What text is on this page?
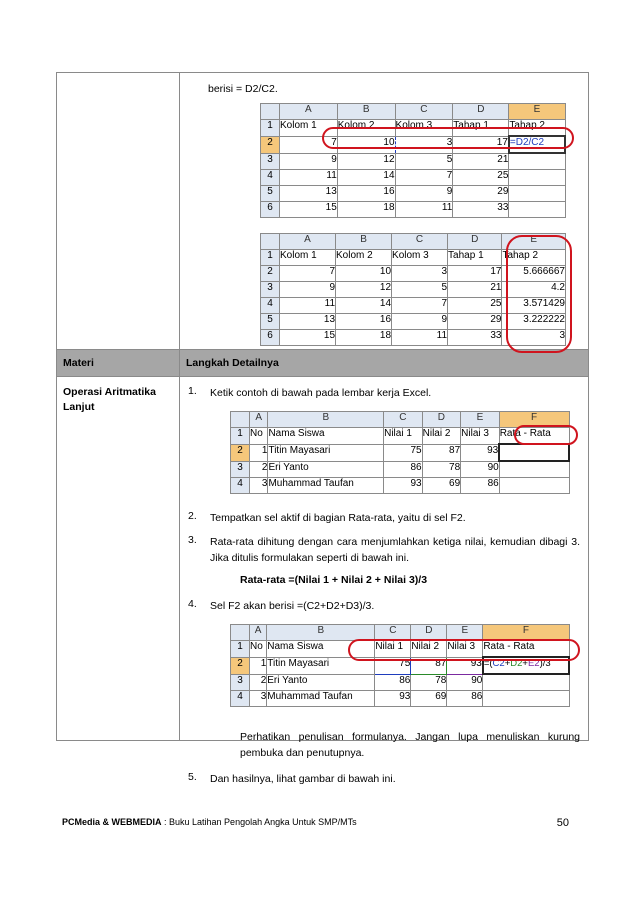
berisi = D2/C2.
	A	B	C	D	E
1	Kolom 1	Kolom 2	Kolom 3	Tahap 1	Tahap 2
2	7	10	3	17	=D2/C2
3	9	12	5	21	
4	11	14	7	25	
5	13	16	9	29	
6	15	18	11	33	
	A	B	C	D	E
1	Kolom 1	Kolom 2	Kolom 3	Tahap 1	Tahap 2
2	7	10	3	17	5.666667
3	9	12	5	21	4.2
4	11	14	7	25	3.571429
5	13	16	9	29	3.222222
6	15	18	11	33	3

Materi	Langkah Detailnya

Operasi Aritmatika Lanjut

1.	Ketik contoh di bawah pada lembar kerja Excel.
	A	B	C	D	E	F
1	No	Nama Siswa	Nilai 1	Nilai 2	Nilai 3	Rata - Rata
2	1	Titin Mayasari	75	87	93	
3	2	Eri Yanto	86	78	90	
4	3	Muhammad Taufan	93	69	86	
2.	Tempatkan sel aktif di bagian Rata-rata, yaitu di sel F2.
3.	Rata-rata dihitung dengan cara menjumlahkan ketiga nilai, kemudian dibagi 3. Jika ditulis formulakan seperti di bawah ini.
Rata-rata =(Nilai 1 + Nilai 2 + Nilai 3)/3
4.	Sel F2 akan berisi =(C2+D2+D3)/3.
	A	B	C	D	E	F
1	No	Nama Siswa	Nilai 1	Nilai 2	Nilai 3	Rata - Rata
2	1	Titin Mayasari	75	87	93	=(C2+D2+E2)/3
3	2	Eri Yanto	86	78	90	
4	3	Muhammad Taufan	93	69	86	
Perhatikan penulisan formulanya. Jangan lupa menuliskan kurung pembuka dan penutupnya.
5.	Dan hasilnya, lihat gambar di bawah ini.
PCMedia & WEBMEDIA : Buku Latihan Pengolah Angka Untuk SMP/MTs	50
